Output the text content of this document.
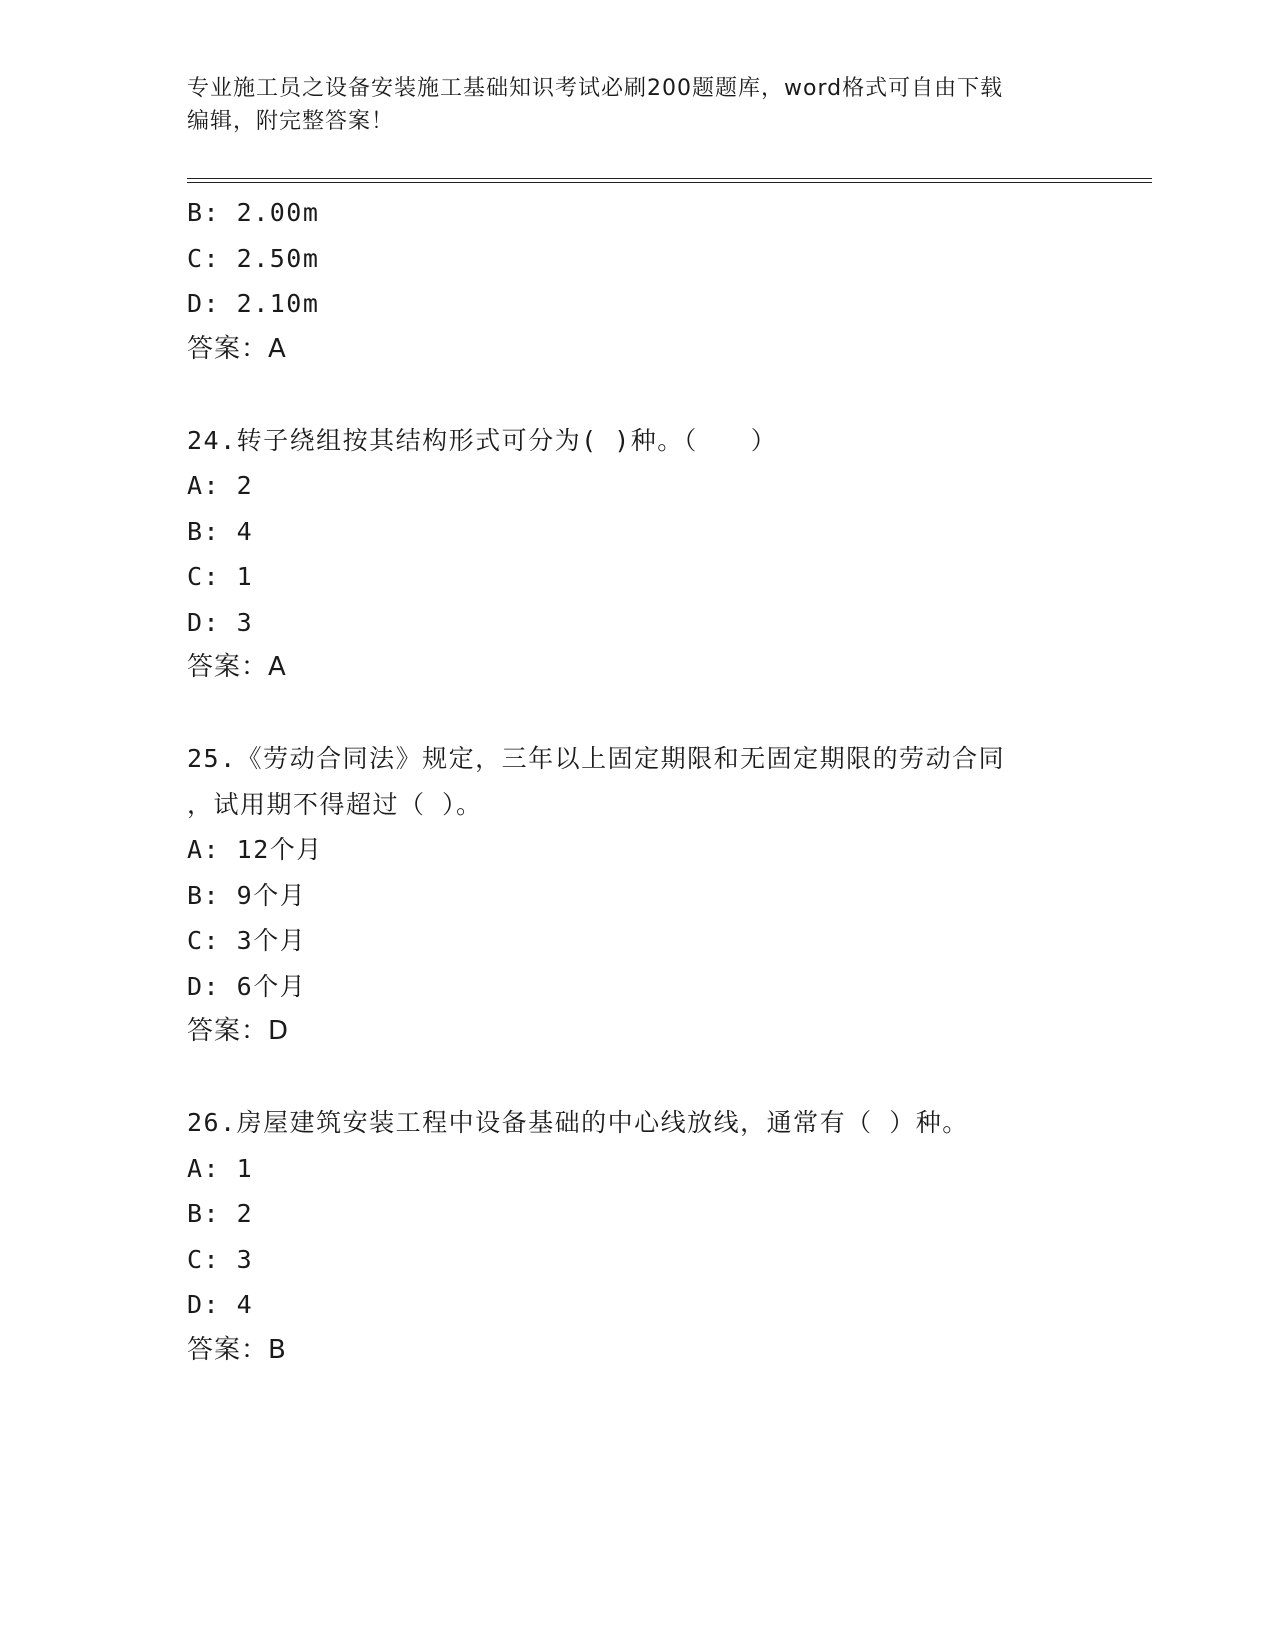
专业施工员之设备安装施工基础知识考试必刷200题题库，word格式可自由下载
编辑，附完整答案！
B: 2.00m
C: 2.50m
D: 2.10m
答案：A
24.转子绕组按其结构形式可分为( )种。（　　）
A: 2
B: 4
C: 1
D: 3
答案：A
25.《劳动合同法》规定，三年以上固定期限和无固定期限的劳动合同
，试用期不得超过（ ）。
A: 12个月
B: 9个月
C: 3个月
D: 6个月
答案：D
26.房屋建筑安装工程中设备基础的中心线放线，通常有（ ）种。
A: 1
B: 2
C: 3
D: 4
答案：B
